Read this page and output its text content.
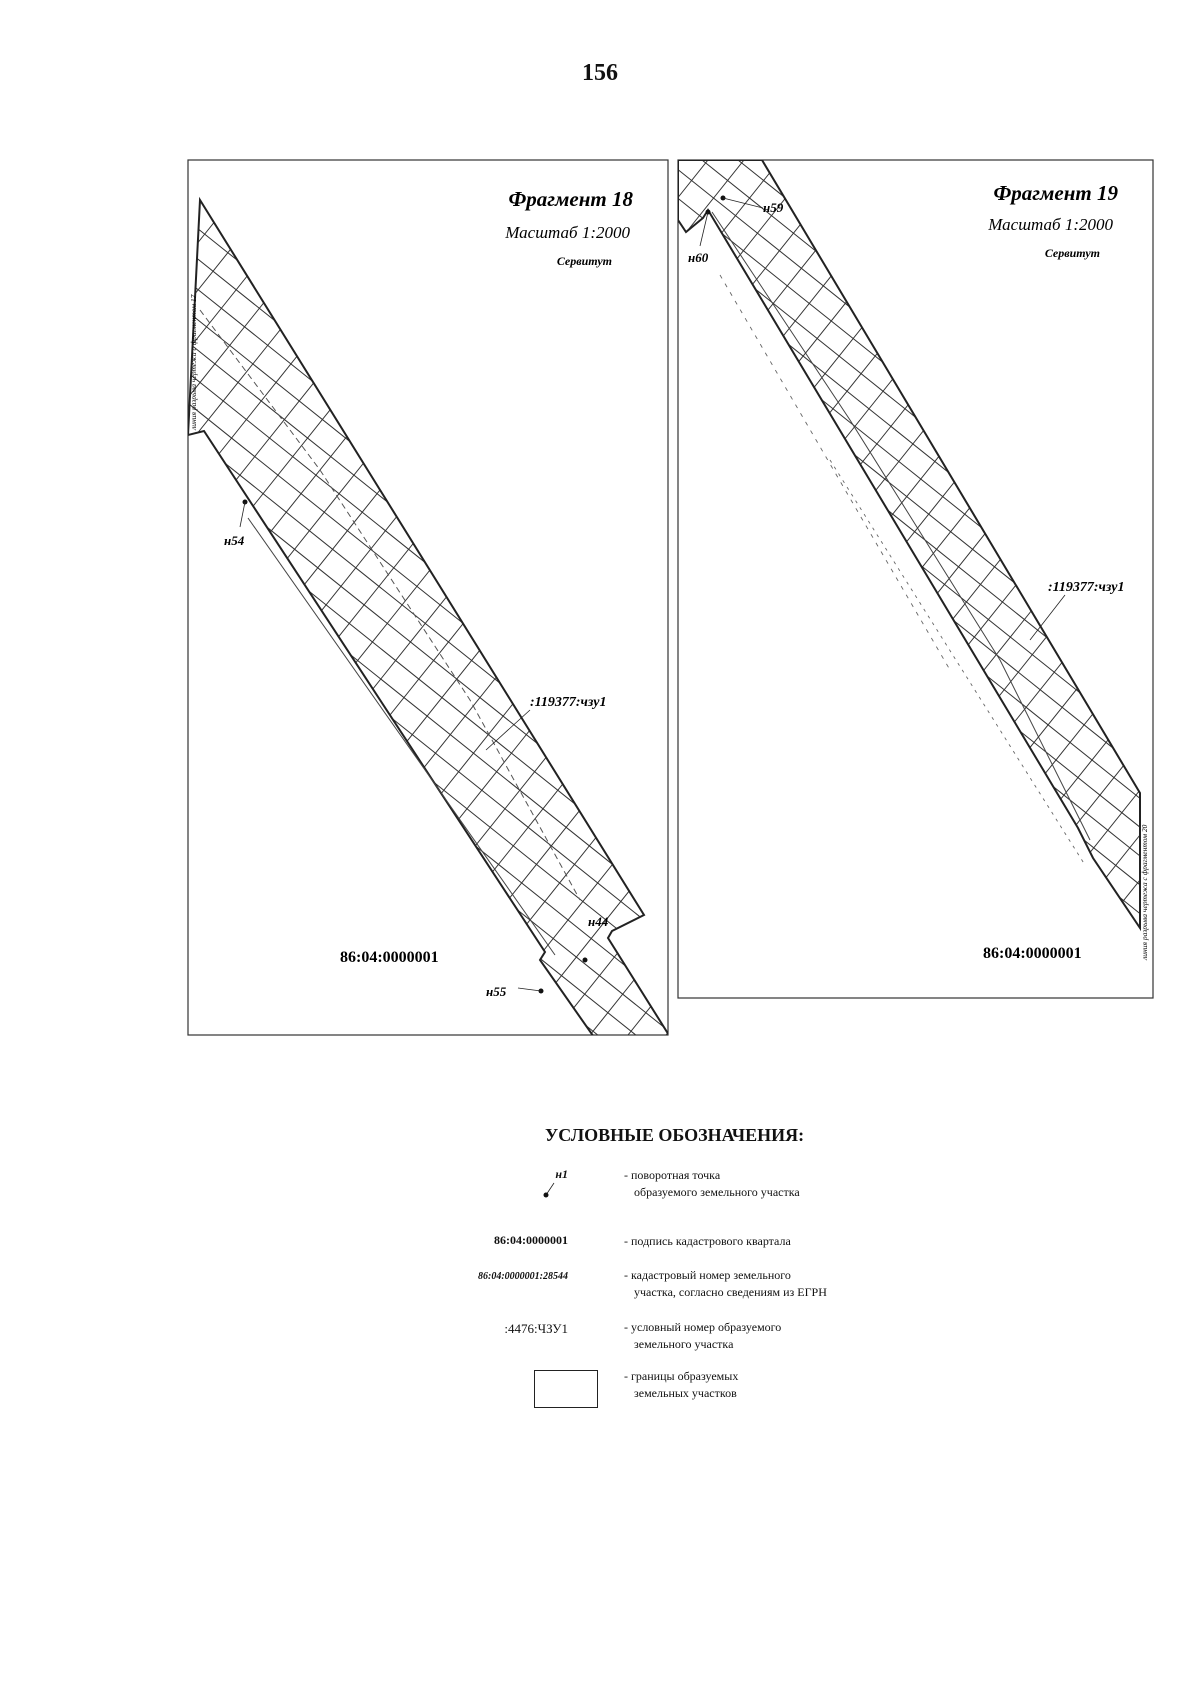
156
Фрагмент 18
Масштаб 1:2000
Сервитут
линия разрыва чертежа с фрагментом 17
н54
н44
н55
:119377:чзу1
86:04:0000001
Фрагмент 19
Масштаб 1:2000
Сервитут
линия разрыва чертежа с фрагментом 20
н59
н60
:119377:чзу1
86:04:0000001
УСЛОВНЫЕ ОБОЗНАЧЕНИЯ:
н1	- поворотная точка
образуемого земельного участка
86:04:0000001	- подпись кадастрового квартала
86:04:0000001:28544	- кадастровый номер земельного
участка, согласно сведениям из ЕГРН
:4476:ЧЗУ1	- условный номер образуемого
земельного участка
- границы образуемых
земельных участков
